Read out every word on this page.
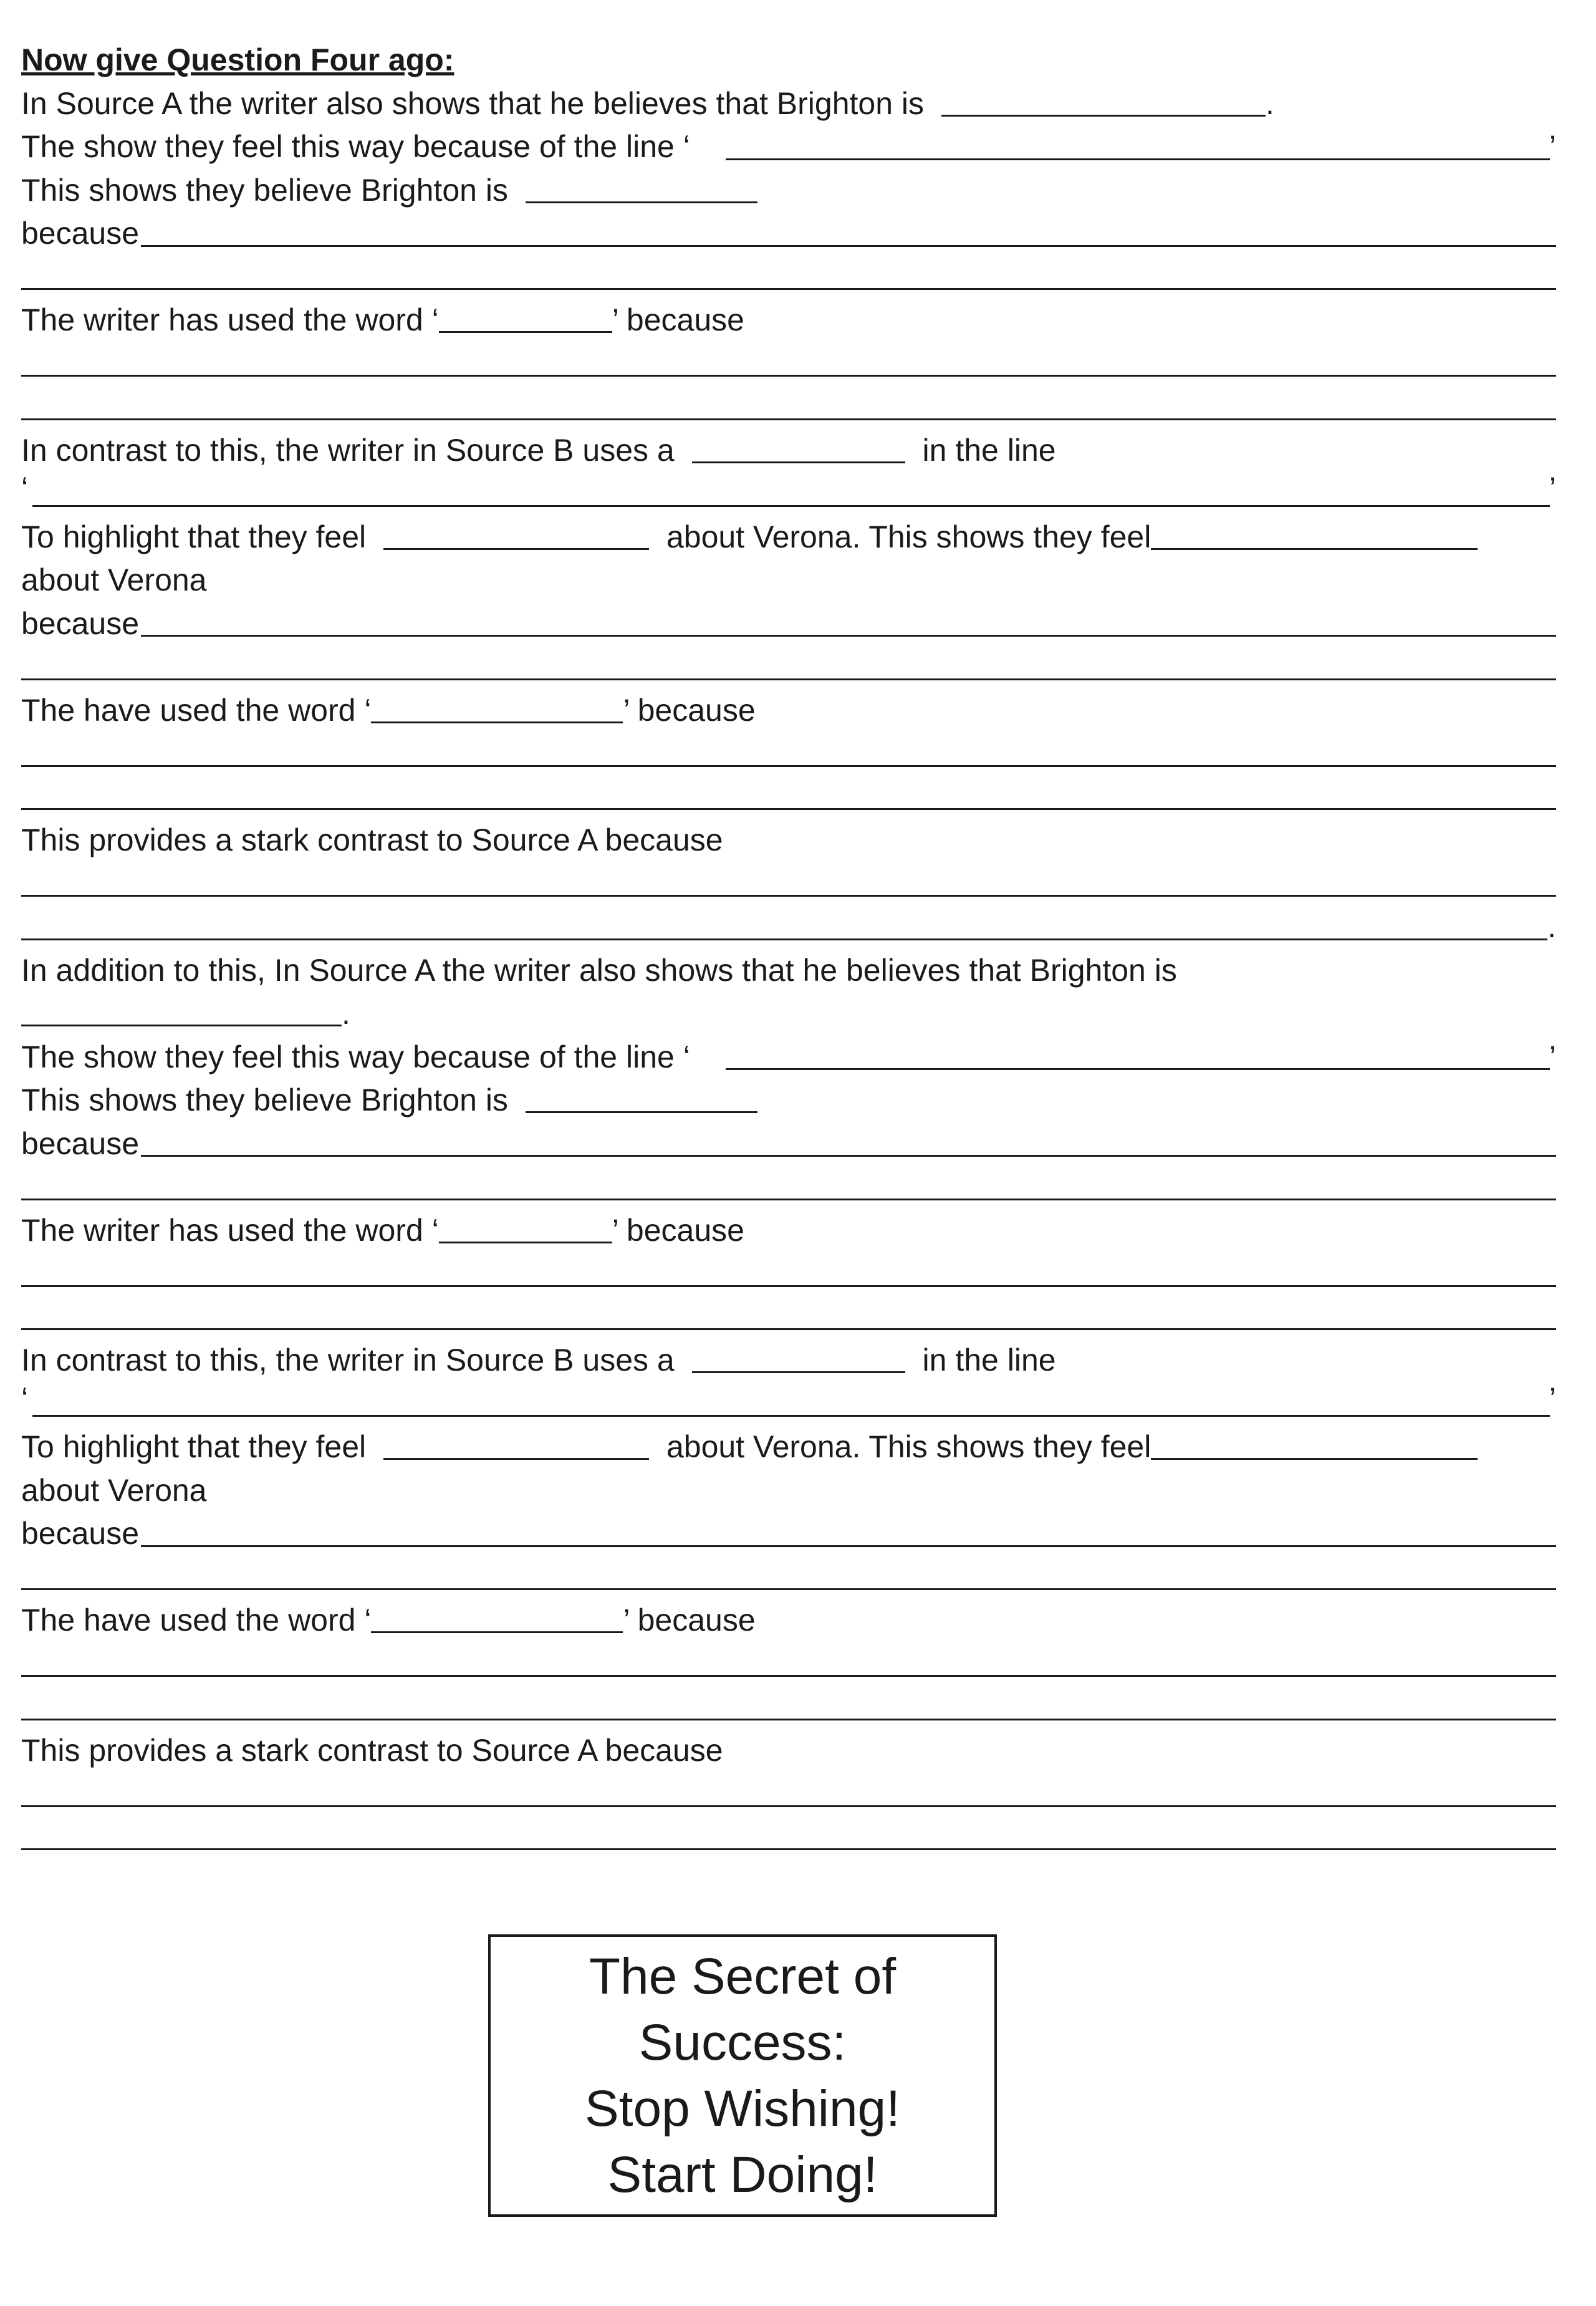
Now give Question Four ago:
In Source A the writer also shows that he believes that Brighton is	.
The show they feel this way because of the line ‘	’
This shows they believe Brighton is
because
The writer has used the word ‘	’ because
In contrast to this, the writer in Source B uses a	in the line
‘	’
To highlight that they feel	about Verona. This shows they feel
about Verona
because
The have used the word ‘	’ because
This provides a stark contrast to Source A because
.
In addition to this, In Source A the writer also shows that he believes that Brighton is
.
The show they feel this way because of the line ‘	’
This shows they believe Brighton is
because
The writer has used the word ‘	’ because
In contrast to this, the writer in Source B uses a	in the line
‘	’
To highlight that they feel	about Verona. This shows they feel
about Verona
because
The have used the word ‘	’ because
This provides a stark contrast to Source A because
The Secret of
Success:
Stop Wishing!
Start Doing!
